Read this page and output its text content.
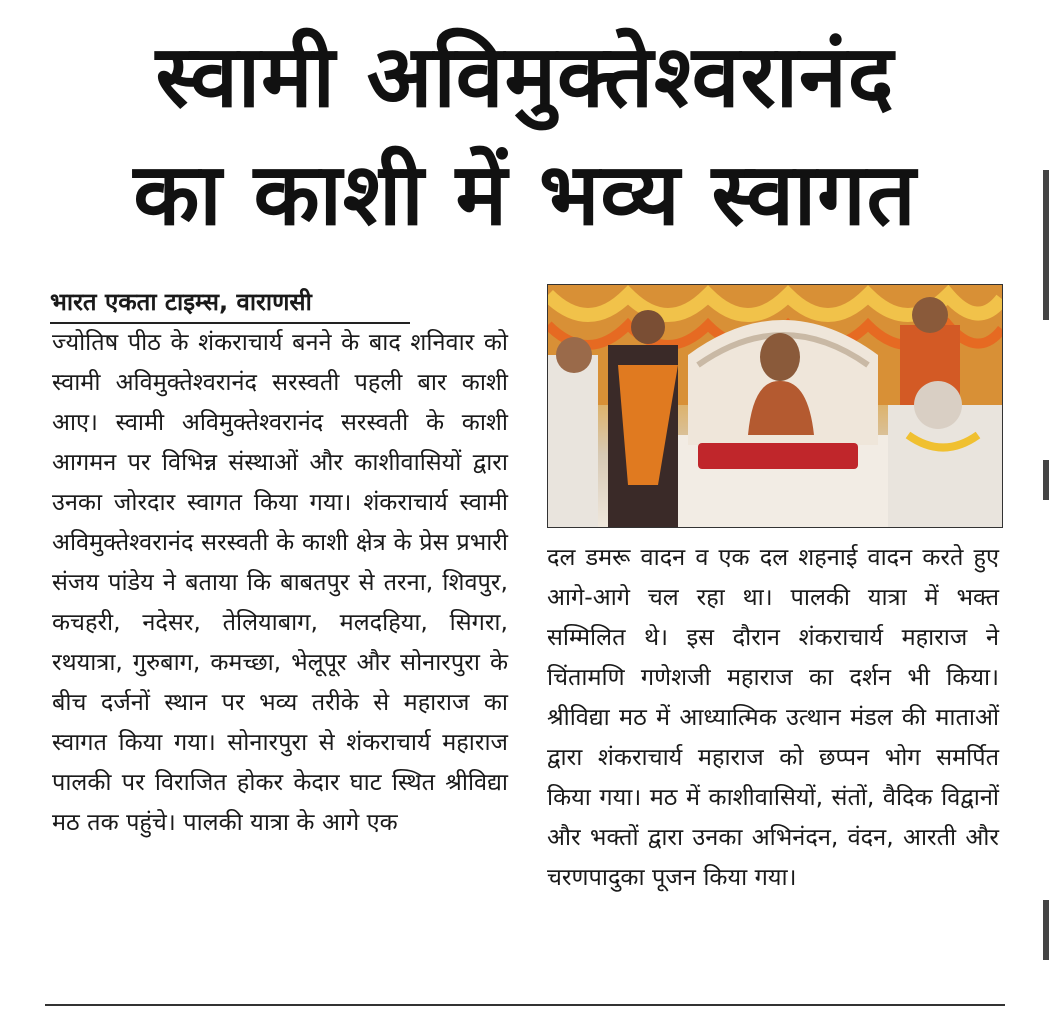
स्वामी अविमुक्तेश्वरानंद
का काशी में भव्य स्वागत
भारत एकता टाइम्स, वाराणसी
ज्योतिष पीठ के शंकराचार्य बनने के बाद शनिवार को स्वामी अविमुक्तेश्वरानंद सरस्वती पहली बार काशी आए। स्वामी अविमुक्तेश्वरानंद सरस्वती के काशी आगमन पर विभिन्न संस्थाओं और काशीवासियों द्वारा उनका जोरदार स्वागत किया गया। शंकराचार्य स्वामी अविमुक्तेश्वरानंद सरस्वती के काशी क्षेत्र के प्रेस प्रभारी संजय पांडेय ने बताया कि बाबतपुर से तरना, शिवपुर, कचहरी, नदेसर, तेलियाबाग, मलदहिया, सिगरा, रथयात्रा, गुरुबाग, कमच्छा, भेलूपूर और सोनारपुरा के बीच दर्जनों स्थान पर भव्य तरीके से महाराज का स्वागत किया गया। सोनारपुरा से शंकराचार्य महाराज पालकी पर विराजित होकर केदार घाट स्थित श्रीविद्या मठ तक पहुंचे। पालकी यात्रा के आगे एक
दल डमरू वादन व एक दल शहनाई वादन करते हुए आगे-आगे चल रहा था। पालकी यात्रा में भक्त सम्मिलित थे। इस दौरान शंकराचार्य महाराज ने चिंतामणि गणेशजी महाराज का दर्शन भी किया। श्रीविद्या मठ में आध्यात्मिक उत्थान मंडल की माताओं द्वारा शंकराचार्य महाराज को छप्पन भोग समर्पित किया गया। मठ में काशीवासियों, संतों, वैदिक विद्वानों और भक्तों द्वारा उनका अभिनंदन, वंदन, आरती और चरणपादुका पूजन किया गया।
